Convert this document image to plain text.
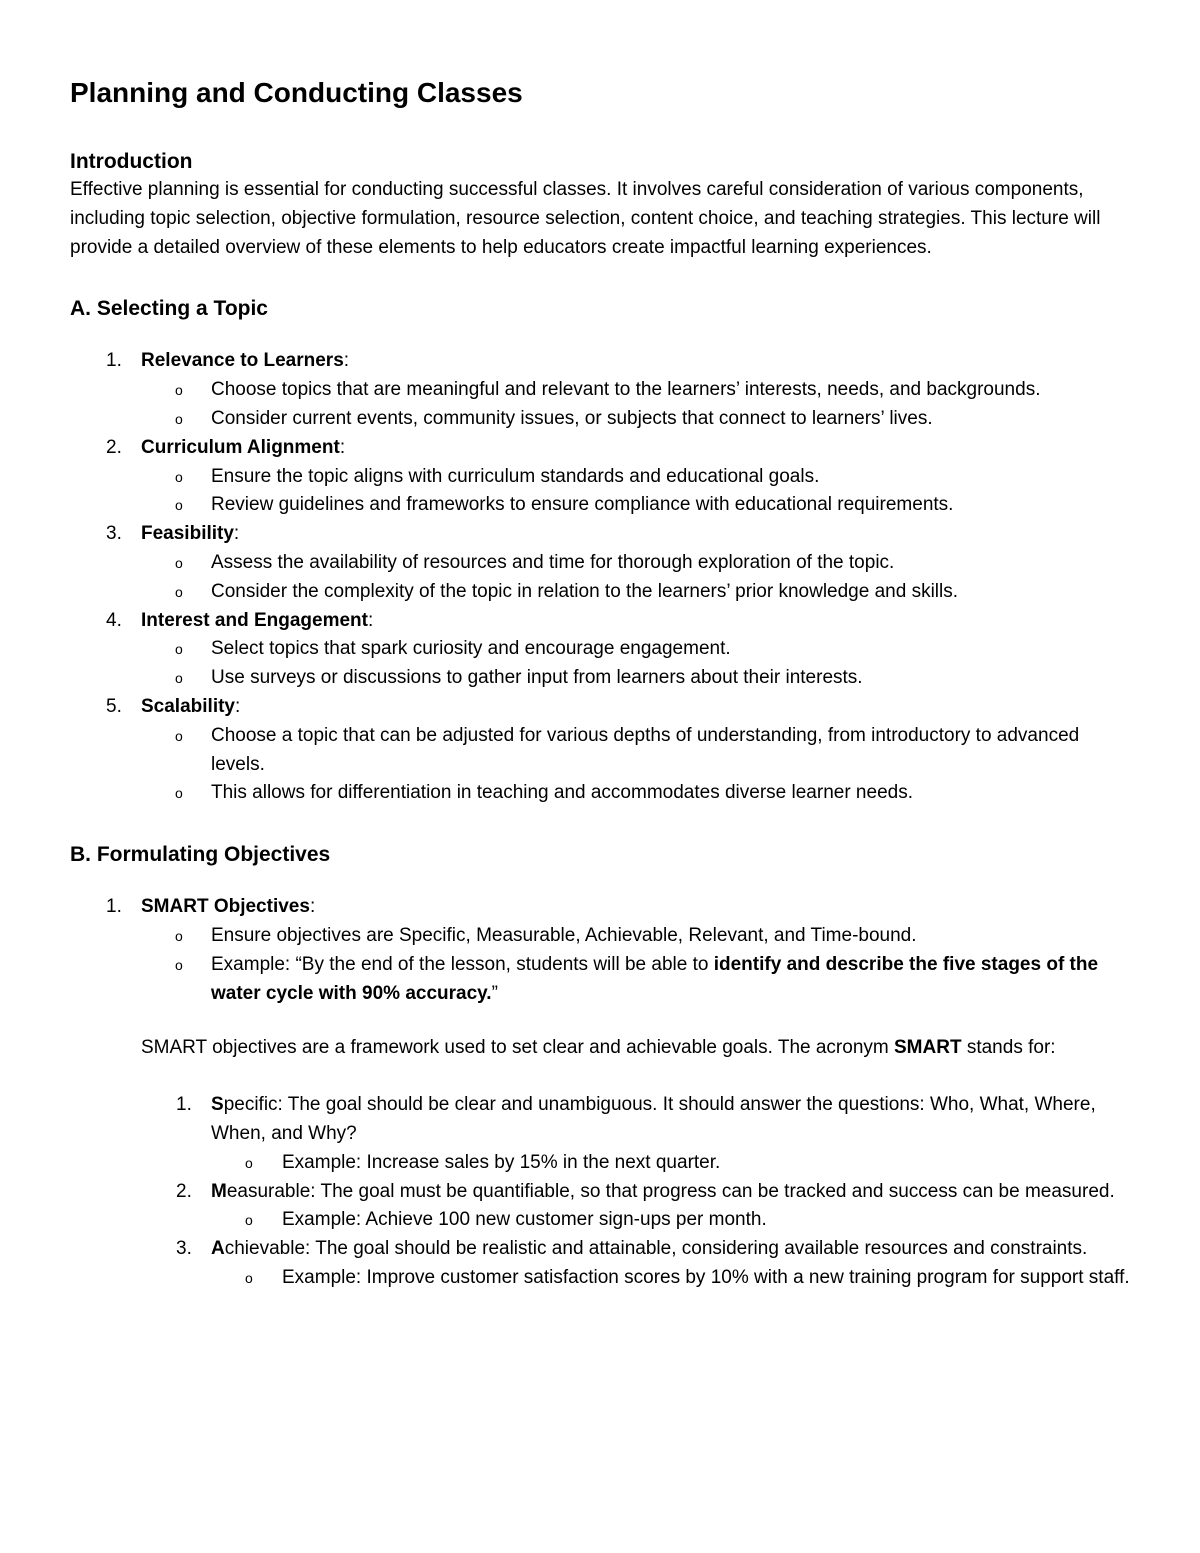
Planning and Conducting Classes
Introduction

Effective planning is essential for conducting successful classes. It involves careful consideration of various components, including topic selection, objective formulation, resource selection, content choice, and teaching strategies. This lecture will provide a detailed overview of these elements to help educators create impactful learning experiences.

A. Selecting a Topic
1.	Relevance to Learners:
o Choose topics that are meaningful and relevant to the learners’ interests, needs, and backgrounds.
o Consider current events, community issues, or subjects that connect to learners’ lives.
2.	Curriculum Alignment:
o Ensure the topic aligns with curriculum standards and educational goals.
o Review guidelines and frameworks to ensure compliance with educational requirements.
3.	Feasibility:
o Assess the availability of resources and time for thorough exploration of the topic.
o Consider the complexity of the topic in relation to the learners’ prior knowledge and skills.
4.	Interest and Engagement:
o Select topics that spark curiosity and encourage engagement.
o Use surveys or discussions to gather input from learners about their interests.
5.	Scalability:
o Choose a topic that can be adjusted for various depths of understanding, from introductory to advanced levels.
o This allows for differentiation in teaching and accommodates diverse learner needs.
B. Formulating Objectives
1.	SMART Objectives:
o Ensure objectives are Specific, Measurable, Achievable, Relevant, and Time-bound.
o Example: “By the end of the lesson, students will be able to identify and describe the five stages of the water cycle with 90% accuracy.”

SMART objectives are a framework used to set clear and achievable goals. The acronym SMART stands for:

1.	Specific: The goal should be clear and unambiguous. It should answer the questions: Who, What, Where, When, and Why?
o Example: Increase sales by 15% in the next quarter.
2.	Measurable: The goal must be quantifiable, so that progress can be tracked and success can be measured.
o Example: Achieve 100 new customer sign-ups per month.
3.	Achievable: The goal should be realistic and attainable, considering available resources and constraints.
o Example: Improve customer satisfaction scores by 10% with a new training program for support staff.
